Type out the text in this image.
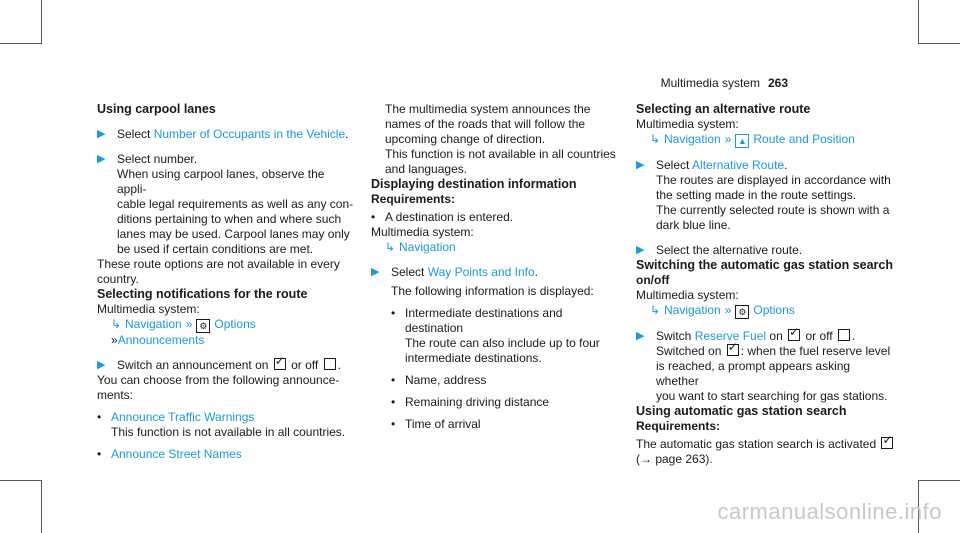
Multimedia system 263

Using carpool lanes

▶ Select Number of Occupants in the Vehicle.
▶ Select number.

When using carpool lanes, observe the appli-

cable legal requirements as well as any con-

ditions pertaining to when and where such

lanes may be used. Carpool lanes may only

be used if certain conditions are met.

These route options are not available in every

country.

Selecting notifications for the route

Multimedia system:

↳ Navigation » ⚙ Options

»Announcements

▶ Switch an announcement on ✓ or off .

You can choose from the following announce-

ments:

• Announce Traffic Warnings

This function is not available in all countries.

• Announce Street Names

The multimedia system announces the

names of the roads that will follow the

upcoming change of direction.

This function is not available in all countries

and languages.

Displaying destination information

Requirements:

• A destination is entered.

Multimedia system:

↳ Navigation

▶ Select Way Points and Info.

The following information is displayed:

• Intermediate destinations and destination

The route can also include up to four

intermediate destinations.

• Name, address
• Remaining driving distance
• Time of arrival

Selecting an alternative route

Multimedia system:

↳ Navigation » ▲ Route and Position

▶ Select Alternative Route.

The routes are displayed in accordance with

the setting made in the route settings.

The currently selected route is shown with a

dark blue line.

▶ Select the alternative route.

Switching the automatic gas station search

on/off

Multimedia system:

↳ Navigation » ⚙ Options

▶ Switch Reserve Fuel on ✓ or off .

Switched on ✓ : when the fuel reserve level

is reached, a prompt appears asking whether

you want to start searching for gas stations.

Using automatic gas station search

Requirements:

The automatic gas station search is activated ✓

(→ page 263).

carmanualsonline.info
